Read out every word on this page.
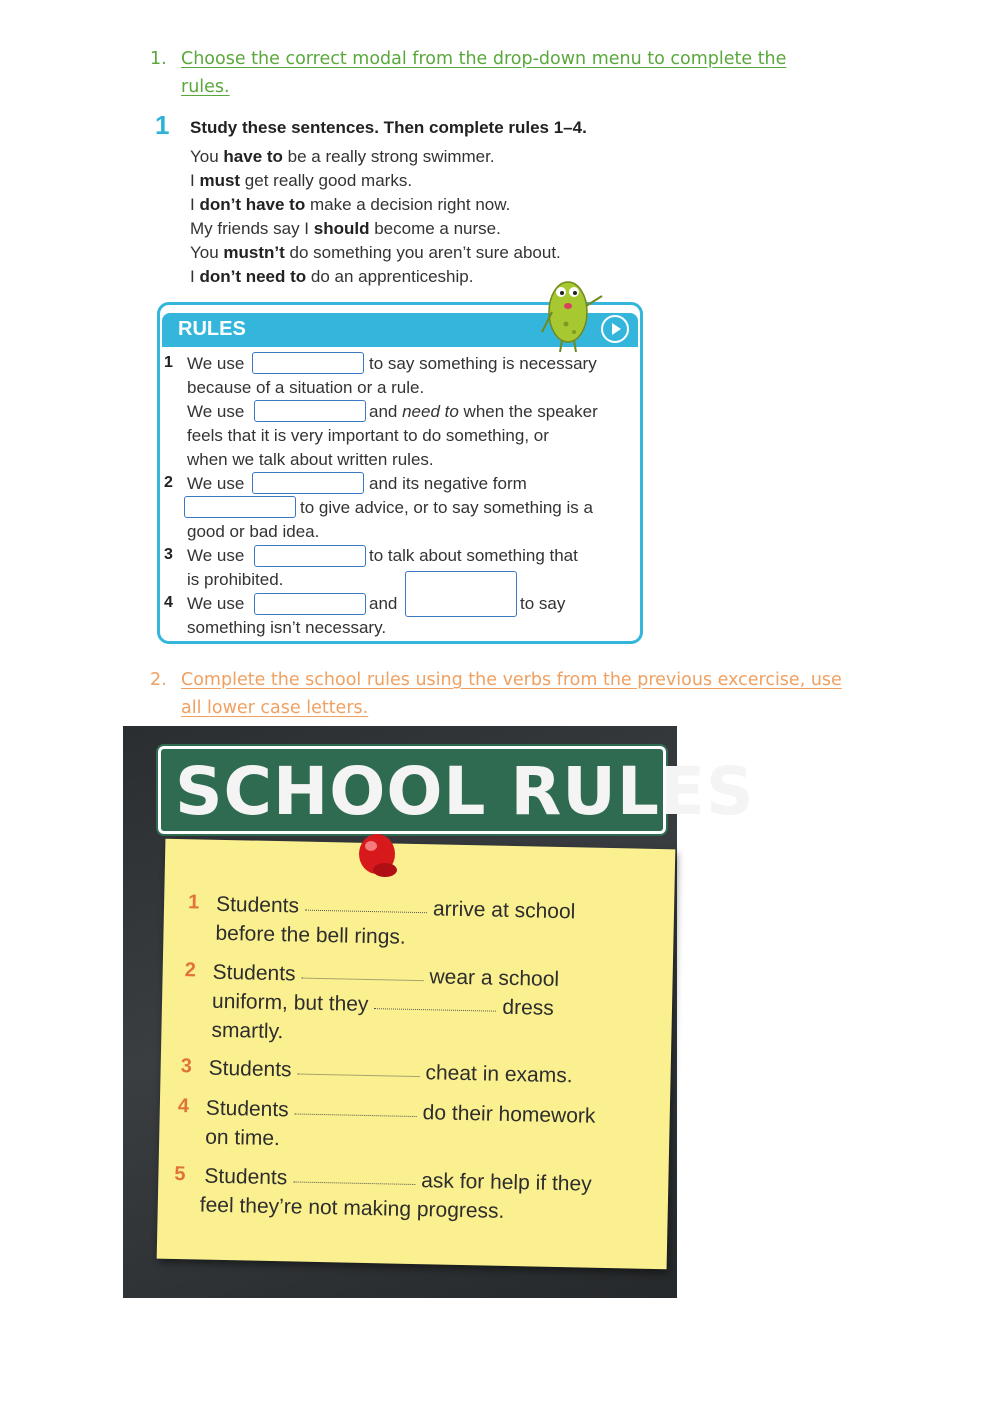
1. Choose the correct modal from the drop-down menu to complete the
rules.
1 Study these sentences. Then complete rules 1–4.
You have to be a really strong swimmer.
I must get really good marks.
I don’t have to make a decision right now.
My friends say I should become a nurse.
You mustn’t do something you aren’t sure about.
I don’t need to do an apprenticeship.
RULES
1 We use	to say something is necessary
because of a situation or a rule.
We use	and need to when the speaker
feels that it is very important to do something, or
when we talk about written rules.
2 We use	and its negative form
to give advice, or to say something is a
good or bad idea.
3 We use	to talk about something that
is prohibited.
4 We use	and	to say
something isn’t necessary.
2. Complete the school rules using the verbs from the previous excercise, use
all lower case letters.
SCHOOL RULES
1 Students	arrive at school
before the bell rings.
2 Students	wear a school
uniform, but they	dress
smartly.
3 Students	cheat in exams.
4 Students	do their homework
on time.
5 Students	ask for help if they
feel they’re not making progress.
